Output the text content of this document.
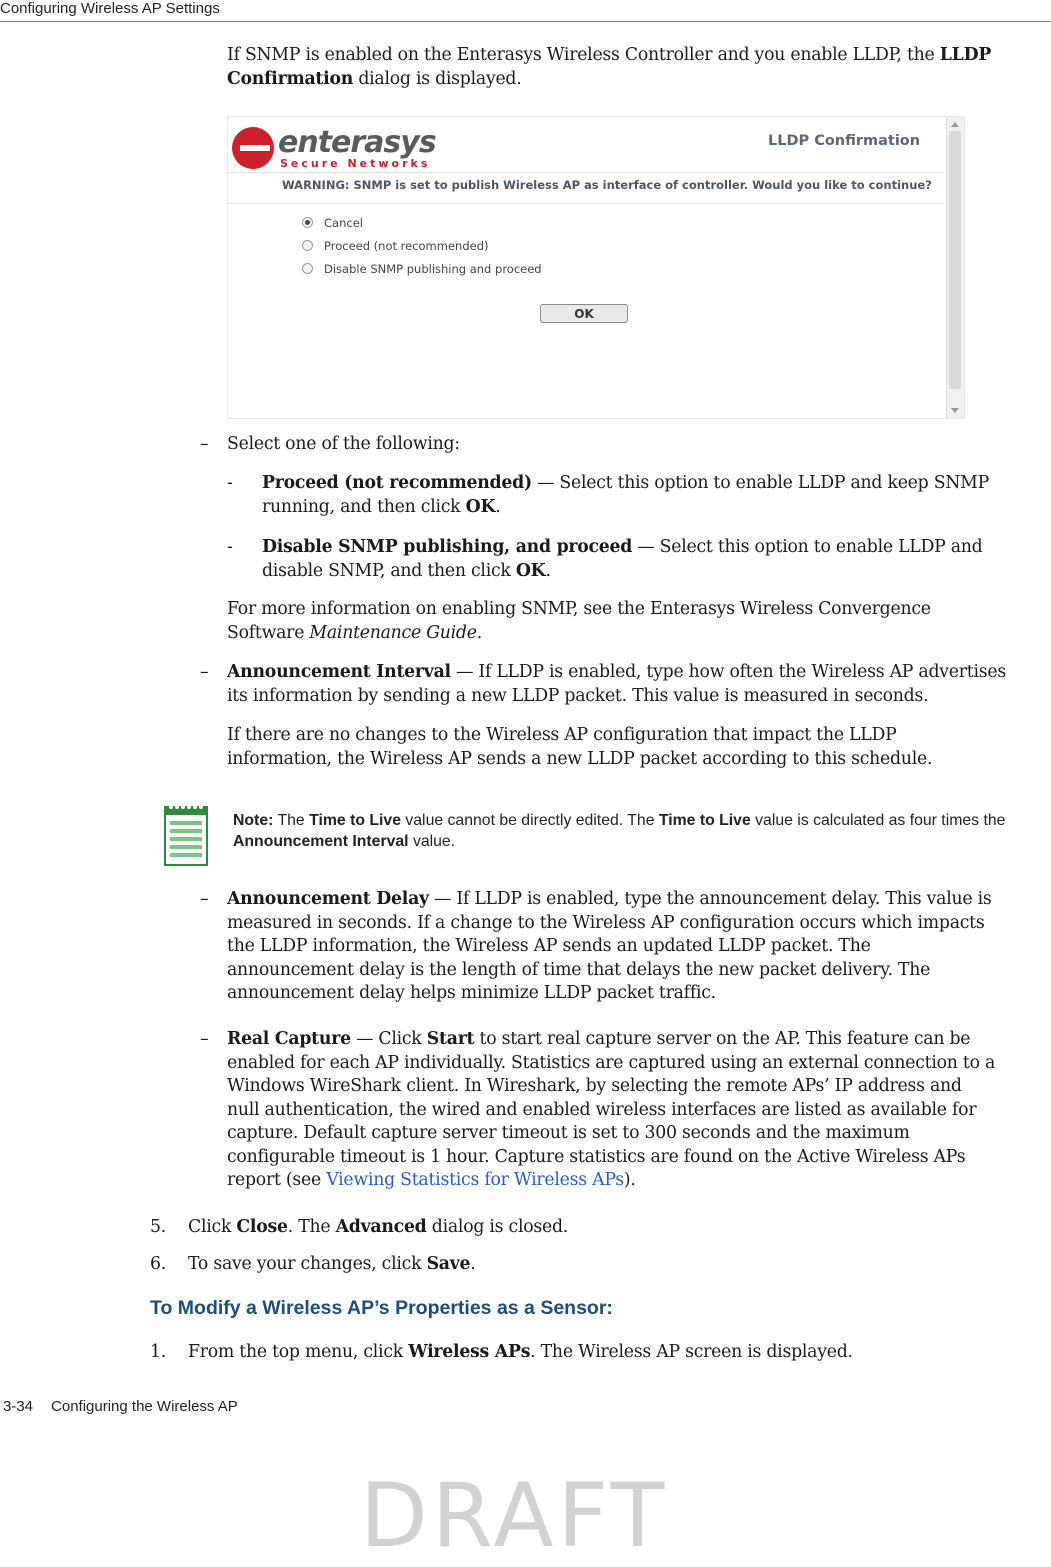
Configuring Wireless AP Settings
If SNMP is enabled on the Enterasys Wireless Controller and you enable LLDP, the LLDP
Confirmation dialog is displayed.
enterasys
Secure Networks
LLDP Confirmation
WARNING: SNMP is set to publish Wireless AP as interface of controller. Would you like to continue?
Cancel
Proceed (not recommended)
Disable SNMP publishing and proceed
OK
– Select one of the following:
- Proceed (not recommended) — Select this option to enable LLDP and keep SNMP
running, and then click OK.
- Disable SNMP publishing, and proceed — Select this option to enable LLDP and
disable SNMP, and then click OK.
For more information on enabling SNMP, see the Enterasys Wireless Convergence
Software Maintenance Guide.
– Announcement Interval — If LLDP is enabled, type how often the Wireless AP advertises
its information by sending a new LLDP packet. This value is measured in seconds.
If there are no changes to the Wireless AP configuration that impact the LLDP
information, the Wireless AP sends a new LLDP packet according to this schedule.
Note: The Time to Live value cannot be directly edited. The Time to Live value is calculated as four times the Announcement Interval value.
– Announcement Delay — If LLDP is enabled, type the announcement delay. This value is
measured in seconds. If a change to the Wireless AP configuration occurs which impacts
the LLDP information, the Wireless AP sends an updated LLDP packet. The
announcement delay is the length of time that delays the new packet delivery. The
announcement delay helps minimize LLDP packet traffic.
– Real Capture — Click Start to start real capture server on the AP. This feature can be
enabled for each AP individually. Statistics are captured using an external connection to a
Windows WireShark client. In Wireshark, by selecting the remote APs’ IP address and
null authentication, the wired and enabled wireless interfaces are listed as available for
capture. Default capture server timeout is set to 300 seconds and the maximum
configurable timeout is 1 hour. Capture statistics are found on the Active Wireless APs
report (see Viewing Statistics for Wireless APs).
5. Click Close. The Advanced dialog is closed.
6. To save your changes, click Save.
To Modify a Wireless AP’s Properties as a Sensor:
1. From the top menu, click Wireless APs. The Wireless AP screen is displayed.
3-34 Configuring the Wireless AP
DRAFT
